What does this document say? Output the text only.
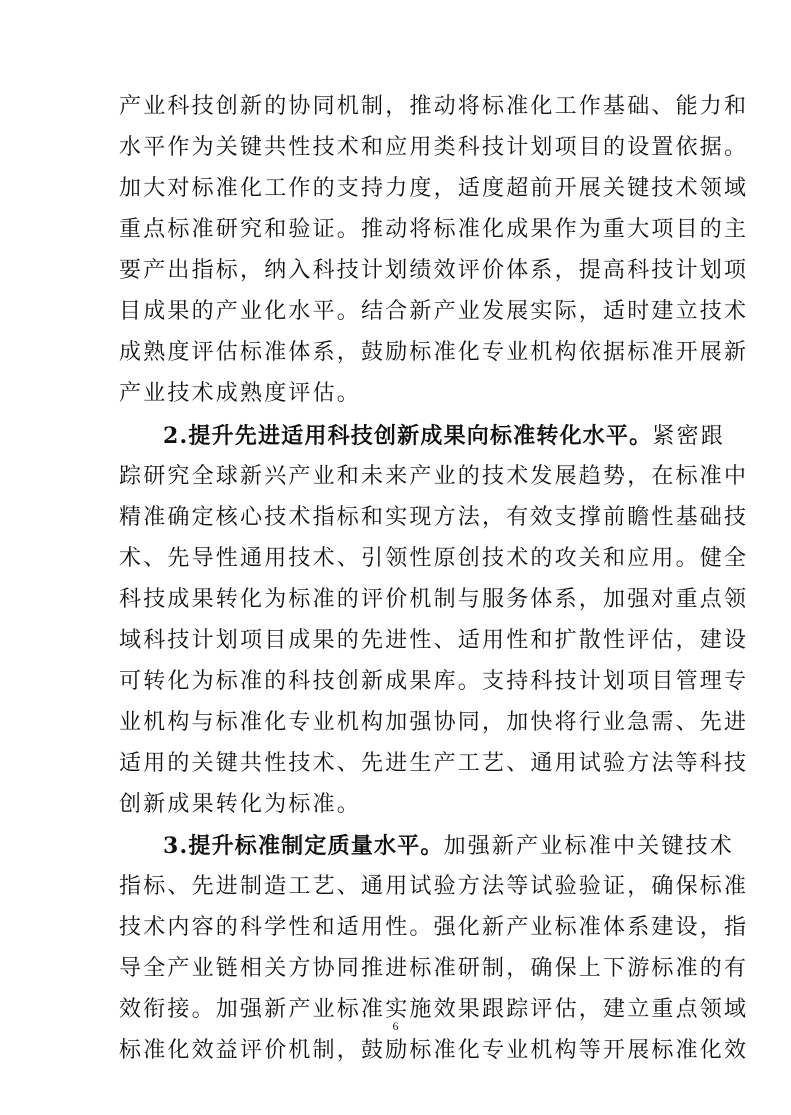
产业科技创新的协同机制，推动将标准化工作基础、能力和
水平作为关键共性技术和应用类科技计划项目的设置依据。
加大对标准化工作的支持力度，适度超前开展关键技术领域
重点标准研究和验证。推动将标准化成果作为重大项目的主
要产出指标，纳入科技计划绩效评价体系，提高科技计划项
目成果的产业化水平。结合新产业发展实际，适时建立技术
成熟度评估标准体系，鼓励标准化专业机构依据标准开展新
产业技术成熟度评估。
2.提升先进适用科技创新成果向标准转化水平。紧密跟
踪研究全球新兴产业和未来产业的技术发展趋势，在标准中
精准确定核心技术指标和实现方法，有效支撑前瞻性基础技
术、先导性通用技术、引领性原创技术的攻关和应用。健全
科技成果转化为标准的评价机制与服务体系，加强对重点领
域科技计划项目成果的先进性、适用性和扩散性评估，建设
可转化为标准的科技创新成果库。支持科技计划项目管理专
业机构与标准化专业机构加强协同，加快将行业急需、先进
适用的关键共性技术、先进生产工艺、通用试验方法等科技
创新成果转化为标准。
3.提升标准制定质量水平。加强新产业标准中关键技术
指标、先进制造工艺、通用试验方法等试验验证，确保标准
技术内容的科学性和适用性。强化新产业标准体系建设，指
导全产业链相关方协同推进标准研制，确保上下游标准的有
效衔接。加强新产业标准实施效果跟踪评估，建立重点领域
标准化效益评价机制，鼓励标准化专业机构等开展标准化效
6
